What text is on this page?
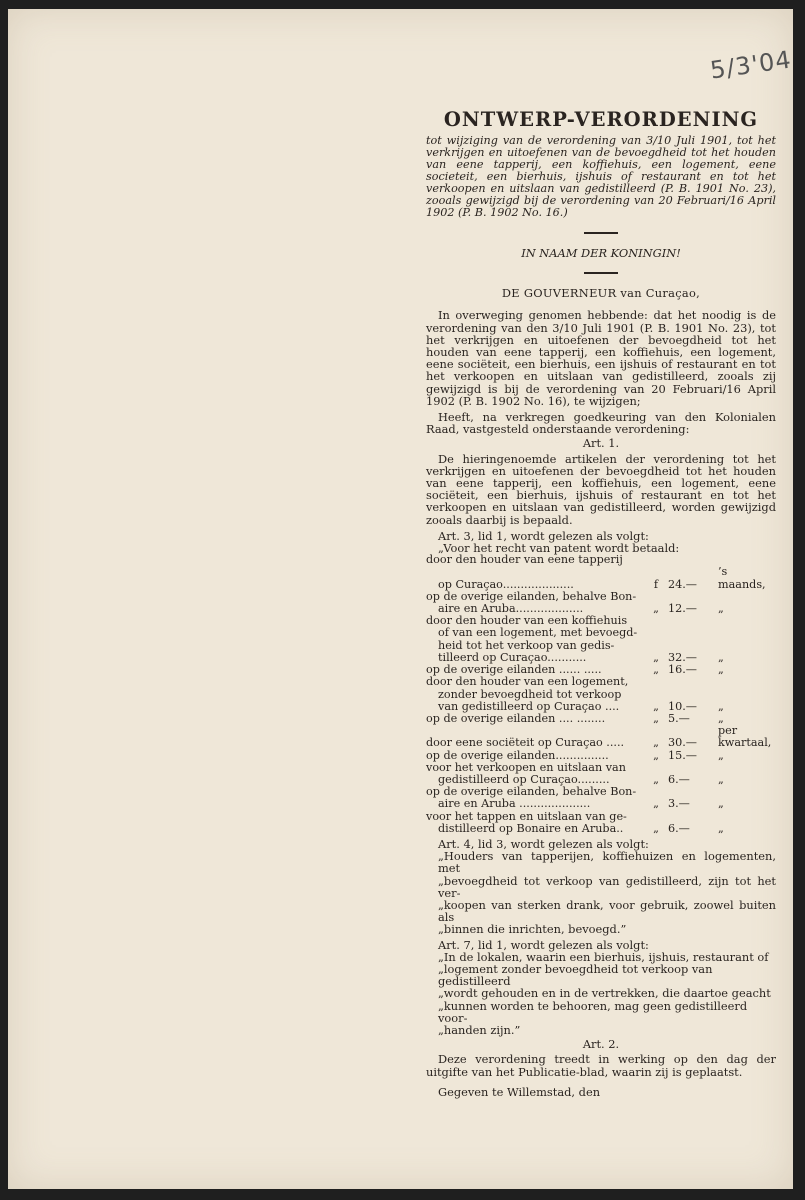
5/3'04
ONTWERP-VERORDENING
tot wijziging van de verordening van 3/10 Juli 1901, tot het verkrijgen en uitoefenen van de bevoegdheid tot het houden van eene tapperij, een koffiehuis, een logement, eene societeit, een bierhuis, ijshuis of restaurant en tot het verkoopen en uitslaan van gedistilleerd (P. B. 1901 No. 23), zooals gewijzigd bij de verordening van 20 Februari/16 April 1902 (P. B. 1902 No. 16.)
IN NAAM DER KONINGIN!
DE GOUVERNEUR van Curaçao,

In overweging genomen hebbende: dat het noodig is de verordening van den 3/10 Juli 1901 (P. B. 1901 No. 23), tot het verkrijgen en uitoefenen der bevoegdheid tot het houden van eene tapperij, een koffiehuis, een logement, eene sociëteit, een bierhuis, een ijshuis of restaurant en tot het verkoopen en uitslaan van gedistilleerd, zooals zij gewijzigd is bij de verordening van 20 Februari/16 April 1902 (P. B. 1902 No. 16), te wijzigen;

Heeft, na verkregen goedkeuring van den Kolonialen Raad, vastgesteld onderstaande verordening:

Art. 1.

De hieringenoemde artikelen der verordening tot het verkrijgen en uitoefenen der bevoegdheid tot het houden van eene tapperij, een koffiehuis, een logement, eene sociëteit, een bierhuis, ijshuis of restaurant en tot het verkoopen en uitslaan van gedistilleerd, worden gewijzigd zooals daarbij is bepaald.

Art. 3, lid 1, wordt gelezen als volgt:

„Voor het recht van patent wordt betaald:

door den houder van eene tapperij			
op Curaçao....................	f	24.—	’s maands,
op de overige eilanden, behalve Bon-			
aire en Aruba...................	„	12.—	„
door den houder van een koffiehuis			
of van een logement, met bevoegd-			
heid tot het verkoop van gedis-			
tilleerd op Curaçao...........	„	32.—	„
op de overige eilanden ...... .....	„	16.—	„
door den houder van een logement,			
zonder bevoegdheid tot verkoop			
van gedistilleerd op Curaçao ....	„	10.—	„
op de overige eilanden .... ........	„	5.—	„
door eene sociëteit op Curaçao .....	„	30.—	per kwartaal,
op de overige eilanden...............	„	15.—	„
voor het verkoopen en uitslaan van			
gedistilleerd op Curaçao.........	„	6.—	„
op de overige eilanden, behalve Bon-			
aire en Aruba ....................	„	3.—	„
voor het tappen en uitslaan van ge-			
distilleerd op Bonaire en Aruba..	„	6.—	„

Art. 4, lid 3, wordt gelezen als volgt:

„Houders van tapperijen, koffiehuizen en logementen, met
„bevoegdheid tot verkoop van gedistilleerd, zijn tot het ver-
„koopen van sterken drank, voor gebruik, zoowel buiten als
„binnen die inrichten, bevoegd.”

Art. 7, lid 1, wordt gelezen als volgt:

„In de lokalen, waarin een bierhuis, ijshuis, restaurant of
„logement zonder bevoegdheid tot verkoop van gedistilleerd
„wordt gehouden en in de vertrekken, die daartoe geacht
„kunnen worden te behooren, mag geen gedistilleerd voor-
„handen zijn.”
Art. 2.

Deze verordening treedt in werking op den dag der uitgifte van het Publicatie-blad, waarin zij is geplaatst.

Gegeven te Willemstad, den
